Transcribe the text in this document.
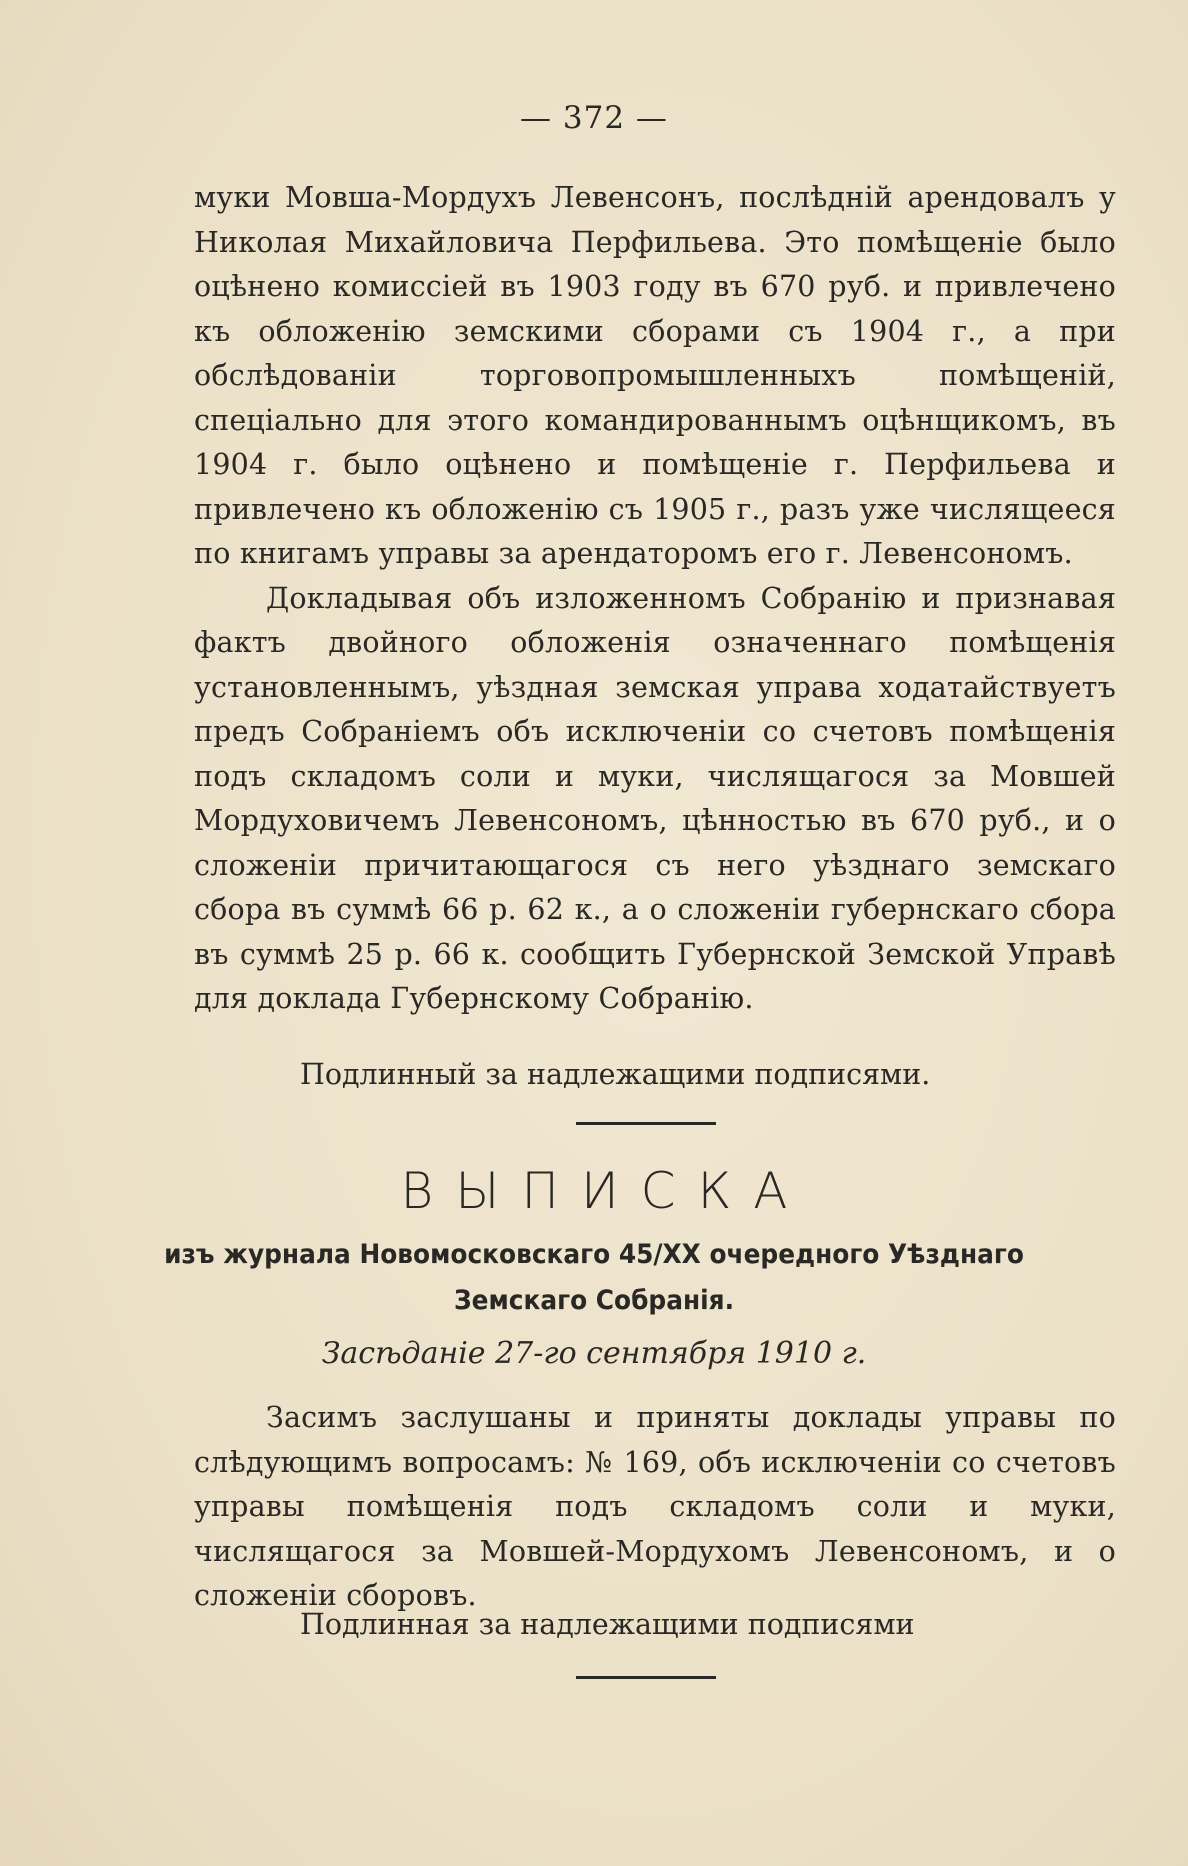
— 372 —

муки Мовша-Мордухъ Левенсонъ, послѣдній арендовалъ у Николая Михайловича Перфильева. Это помѣщеніе было оцѣнено комиссіей въ 1903 году въ 670 руб. и привлечено къ обложенію земскими сборами съ 1904 г., а при обслѣдованіи торговопромышленныхъ помѣщеній, спеціально для этого командированнымъ оцѣнщикомъ, въ 1904 г. было оцѣнено и помѣщеніе г. Перфильева и привлечено къ обложенію съ 1905 г., разъ уже числящееся по книгамъ управы за арендаторомъ его г. Левенсономъ.

Докладывая объ изложенномъ Собранію и признавая фактъ двойного обложенія означеннаго помѣщенія установленнымъ, уѣздная земская управа ходатайствуетъ предъ Собраніемъ объ исключеніи со счетовъ помѣщенія подъ складомъ соли и муки, числящагося за Мовшей Мордуховичемъ Левенсономъ, цѣнностью въ 670 руб., и о сложеніи причитающагося съ него уѣзднаго земскаго сбора въ суммѣ 66 р. 62 к., а о сложеніи губернскаго сбора въ суммѣ 25 р. 66 к. сообщить Губернской Земской Управѣ для доклада Губернскому Собранію.

Подлинный за надлежащими подписями.
ВЫПИСКА
изъ журнала Новомосковскаго 45/XX очередного Уѣзднаго
Земскаго Собранія.
Засѣданіе 27-го сентября 1910 г.

Засимъ заслушаны и приняты доклады управы по слѣдующимъ вопросамъ: № 169, объ исключеніи со счетовъ управы помѣщенія подъ складомъ соли и муки, числящагося за Мовшей-Мордухомъ Левенсономъ, и о сложеніи сборовъ.

Подлинная за надлежащими подписями
